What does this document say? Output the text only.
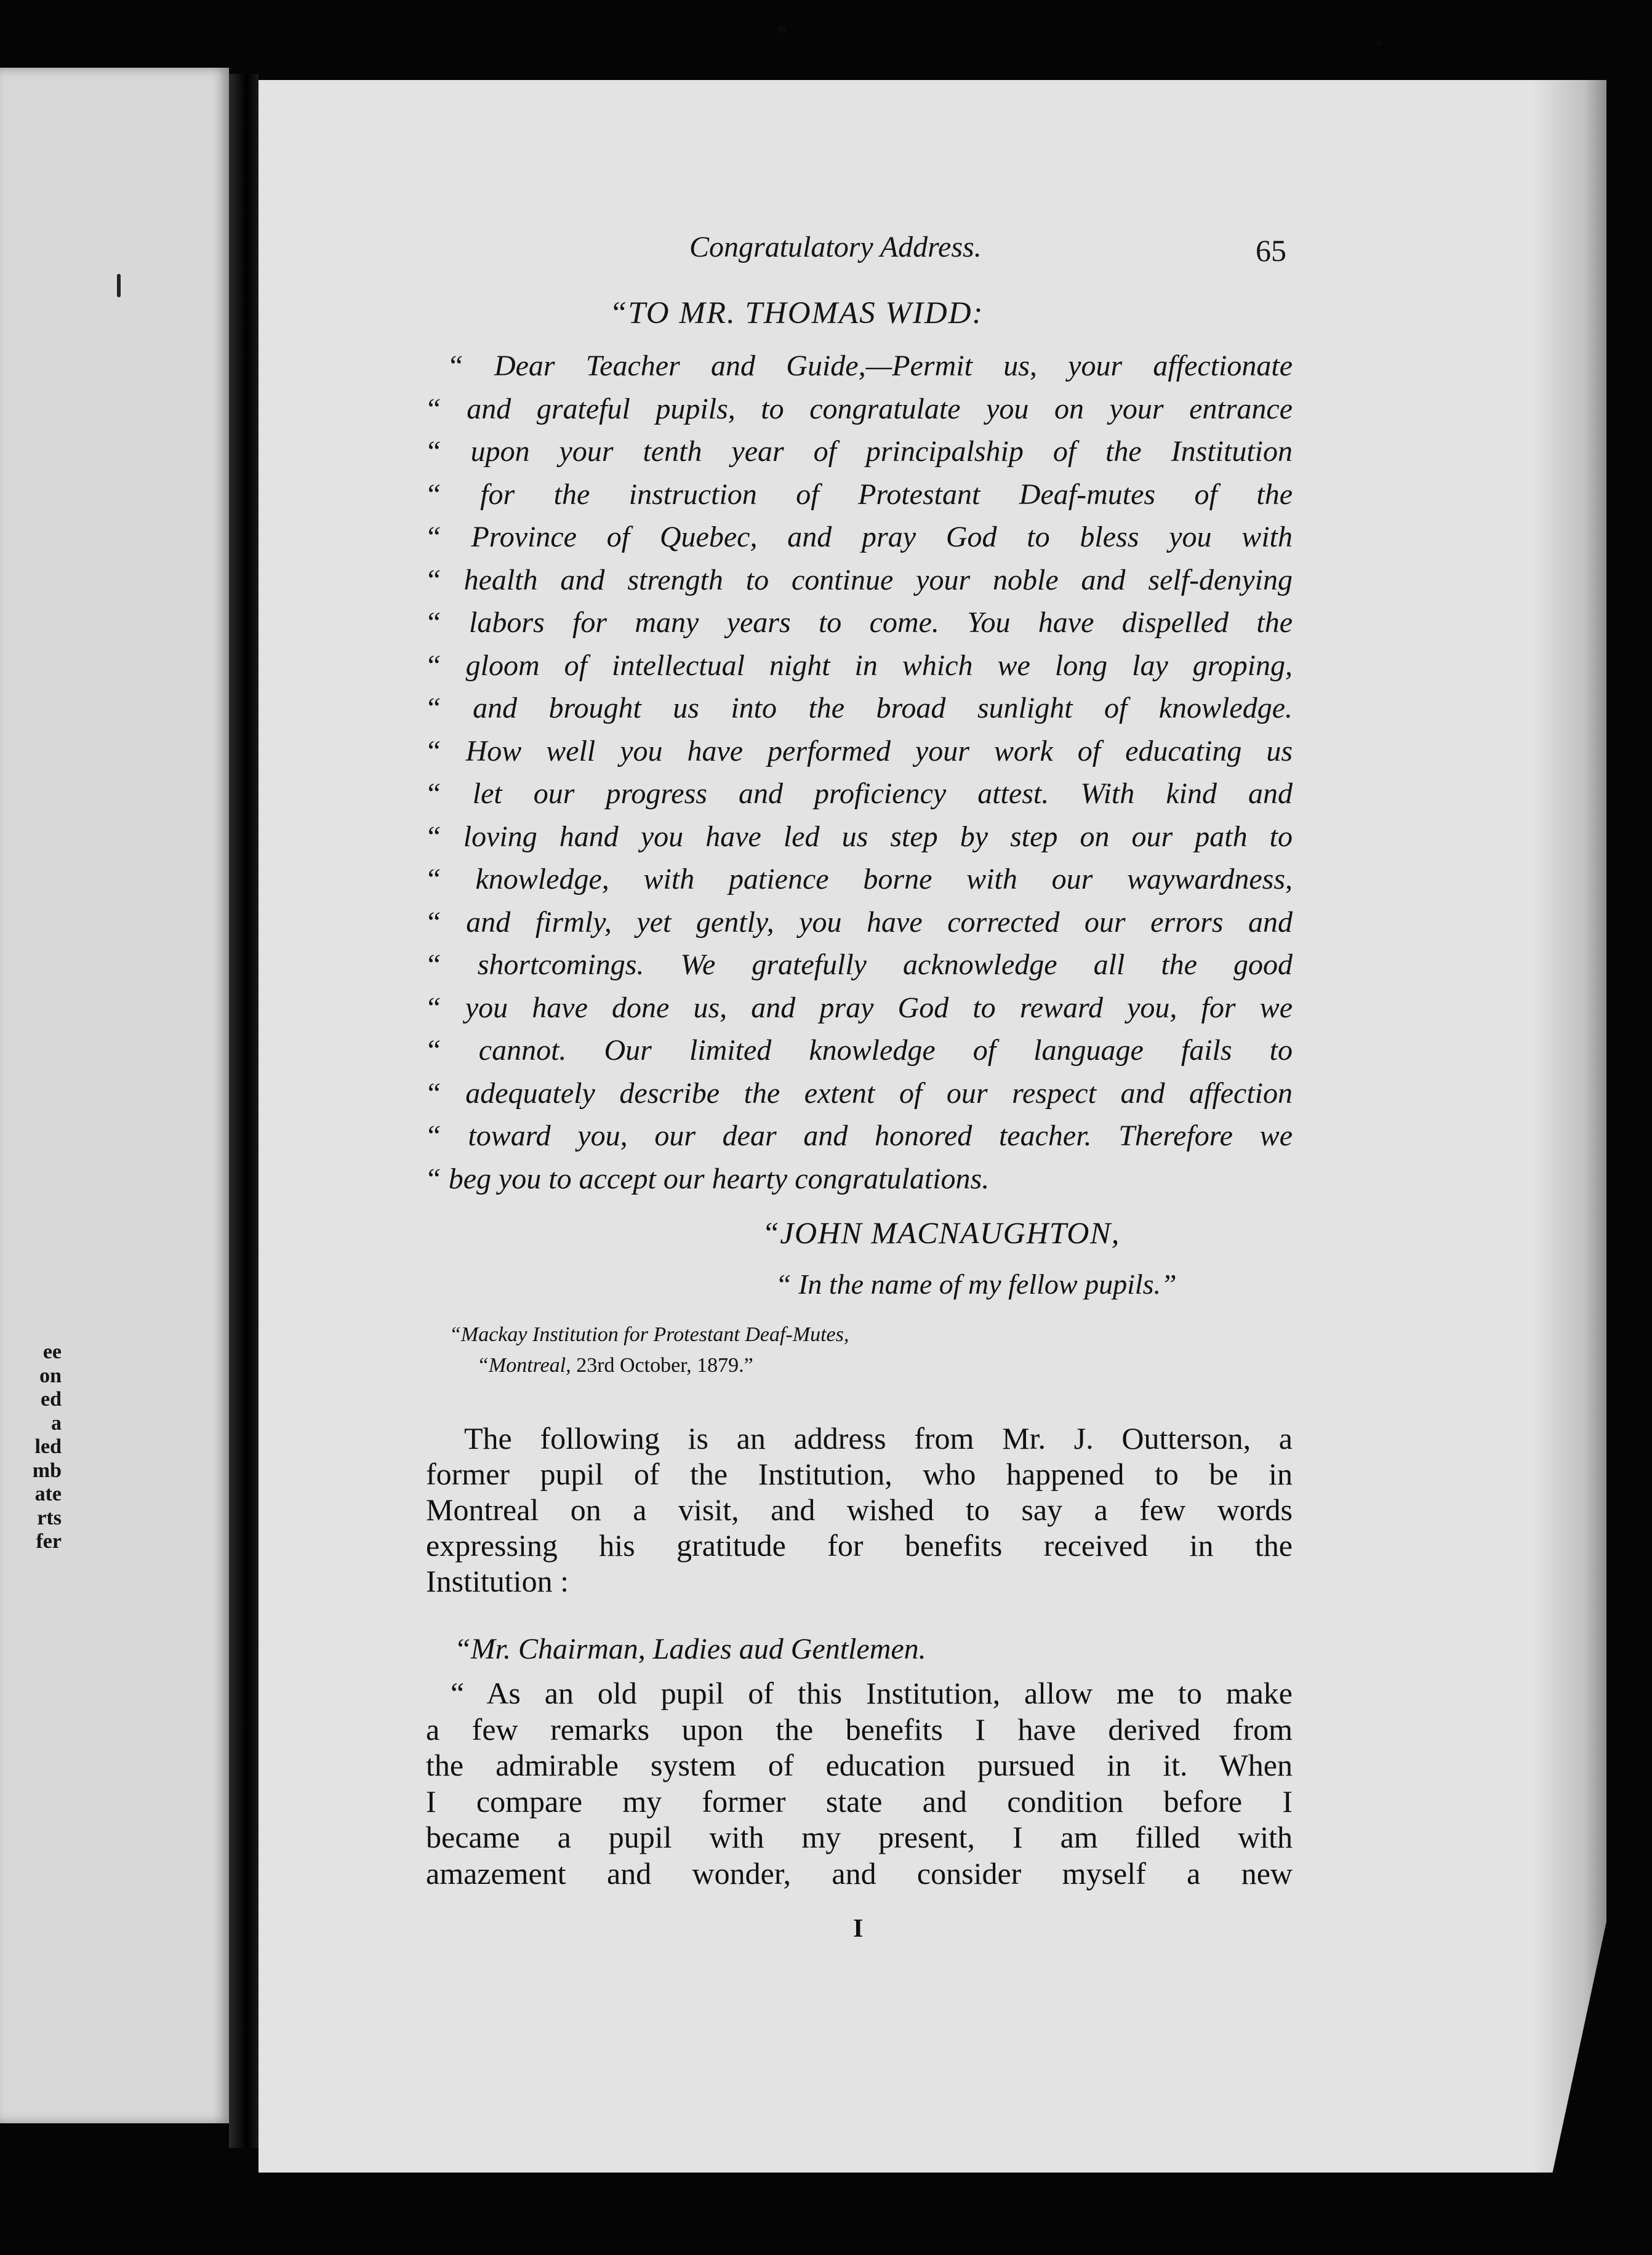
ee
on
ed
a
led
mb
ate
rts
fer
Congratulatory Address.	65
“TO MR. THOMAS WIDD:
“ Dear Teacher and Guide,—Permit us, your affectionate
“ and grateful pupils, to congratulate you on your entrance
“ upon your tenth year of principalship of the Institution
“ for the instruction of Protestant Deaf-mutes of the
“ Province of Quebec, and pray God to bless you with
“ health and strength to continue your noble and self-denying
“ labors for many years to come. You have dispelled the
“ gloom of intellectual night in which we long lay groping,
“ and brought us into the broad sunlight of knowledge.
“ How well you have performed your work of educating us
“ let our progress and proficiency attest. With kind and
“ loving hand you have led us step by step on our path to
“ knowledge, with patience borne with our waywardness,
“ and firmly, yet gently, you have corrected our errors and
“ shortcomings. We gratefully acknowledge all the good
“ you have done us, and pray God to reward you, for we
“ cannot. Our limited knowledge of language fails to
“ adequately describe the extent of our respect and affection
“ toward you, our dear and honored teacher. Therefore we
“ beg you to accept our hearty congratulations.
“JOHN MACNAUGHTON,
“ In the name of my fellow pupils.”
“Mackay Institution for Protestant Deaf-Mutes,
“Montreal, 23rd October, 1879.”
The following is an address from Mr. J. Outterson, a
former pupil of the Institution, who happened to be in
Montreal on a visit, and wished to say a few words
expressing his gratitude for benefits received in the
Institution :
“Mr. Chairman, Ladies aud Gentlemen.
“ As an old pupil of this Institution, allow me to make
a few remarks upon the benefits I have derived from
the admirable system of education pursued in it. When
I compare my former state and condition before I
became a pupil with my present, I am filled with
amazement and wonder, and consider myself a new
I
